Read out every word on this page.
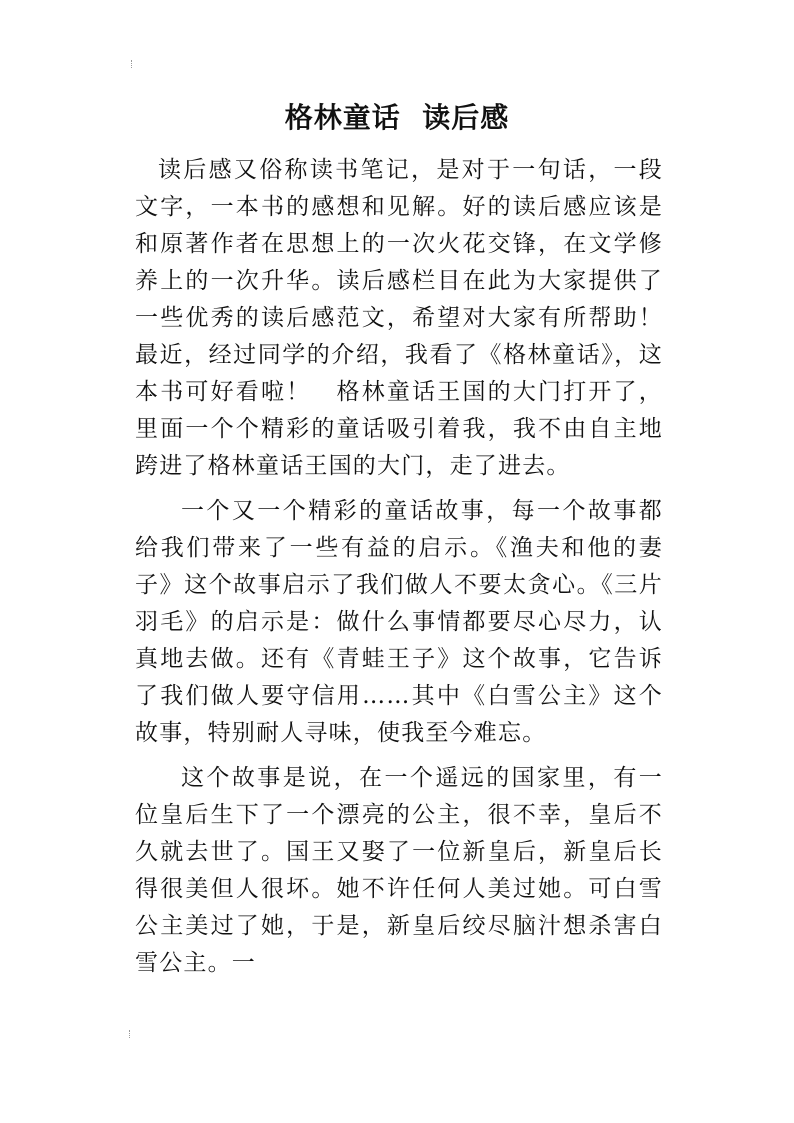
格林童话  读后感

读后感又俗称读书笔记，是对于一句话，一段文字，一本书的感想和见解。好的读后感应该是和原著作者在思想上的一次火花交锋，在文学修养上的一次升华。读后感栏目在此为大家提供了一些优秀的读后感范文，希望对大家有所帮助！　　最近，经过同学的介绍，我看了《格林童话》，这本书可好看啦！　格林童话王国的大门打开了，里面一个个精彩的童话吸引着我，我不由自主地跨进了格林童话王国的大门，走了进去。

一个又一个精彩的童话故事，每一个故事都给我们带来了一些有益的启示。《渔夫和他的妻子》这个故事启示了我们做人不要太贪心。《三片羽毛》的启示是：做什么事情都要尽心尽力，认真地去做。还有《青蛙王子》这个故事，它告诉了我们做人要守信用……其中《白雪公主》这个故事，特别耐人寻味，使我至今难忘。

这个故事是说，在一个遥远的国家里，有一位皇后生下了一个漂亮的公主，很不幸，皇后不久就去世了。国王又娶了一位新皇后，新皇后长得很美但人很坏。她不许任何人美过她。可白雪公主美过了她，于是，新皇后绞尽脑汁想杀害白雪公主。一
